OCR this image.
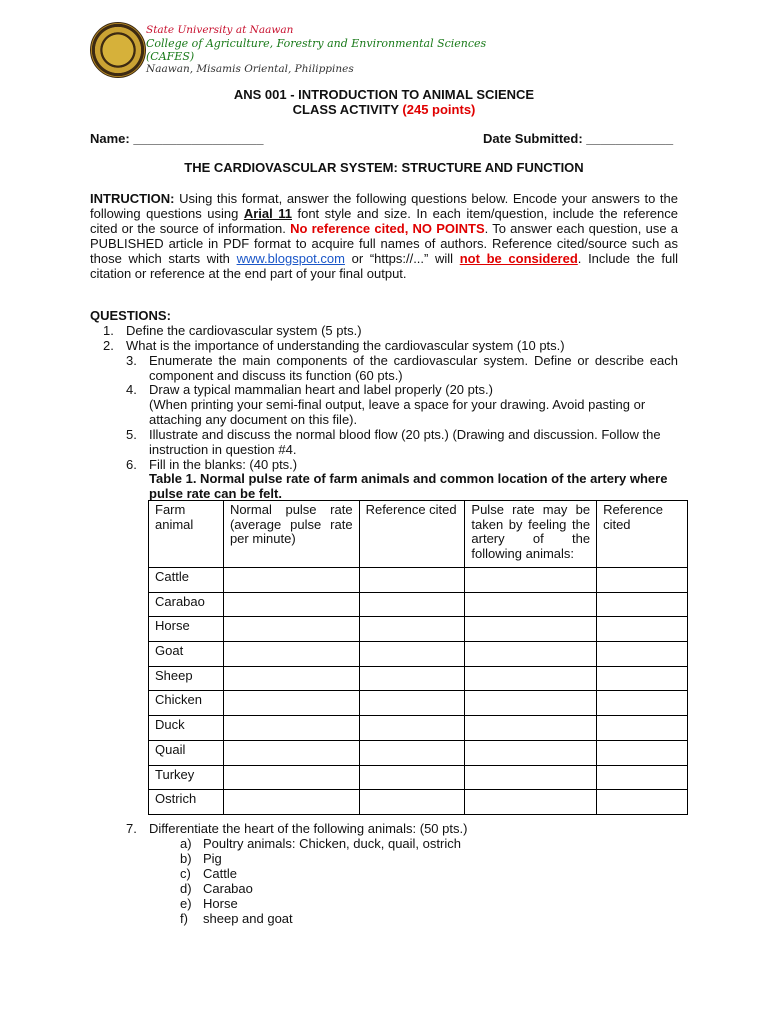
State University at Naawan
College of Agriculture, Forestry and Environmental Sciences (CAFES)
Naawan, Misamis Oriental, Philippines
ANS 001 - INTRODUCTION TO ANIMAL SCIENCE
CLASS ACTIVITY (245 points)
Name: __________________	Date Submitted: ____________
THE CARDIOVASCULAR SYSTEM: STRUCTURE AND FUNCTION
INTRUCTION: Using this format, answer the following questions below. Encode your answers to the following questions using Arial 11 font style and size. In each item/question, include the reference cited or the source of information. No reference cited, NO POINTS. To answer each question, use a PUBLISHED article in PDF format to acquire full names of authors. Reference cited/source such as those which starts with www.blogspot.com or “https://...” will not be considered. Include the full citation or reference at the end part of your final output.
QUESTIONS:
1. Define the cardiovascular system (5 pts.)
2. What is the importance of understanding the cardiovascular system (10 pts.)
3. Enumerate the main components of the cardiovascular system. Define or describe each component and discuss its function (60 pts.)
4. Draw a typical mammalian heart and label properly (20 pts.)
(When printing your semi-final output, leave a space for your drawing. Avoid pasting or attaching any document on this file).
5. Illustrate and discuss the normal blood flow (20 pts.) (Drawing and discussion. Follow the instruction in question #4.
6. Fill in the blanks: (40 pts.)
Table 1. Normal pulse rate of farm animals and common location of the artery where pulse rate can be felt.
Farm animal	Normal pulse rate (average pulse rate per minute)	Reference cited	Pulse rate may be taken by feeling the artery of the following animals:	Reference cited
Cattle				
Carabao				
Horse				
Goat				
Sheep				
Chicken				
Duck				
Quail				
Turkey				
Ostrich				
7. Differentiate the heart of the following animals: (50 pts.)
a) Poultry animals: Chicken, duck, quail, ostrich
b) Pig
c) Cattle
d) Carabao
e) Horse
f) sheep and goat
